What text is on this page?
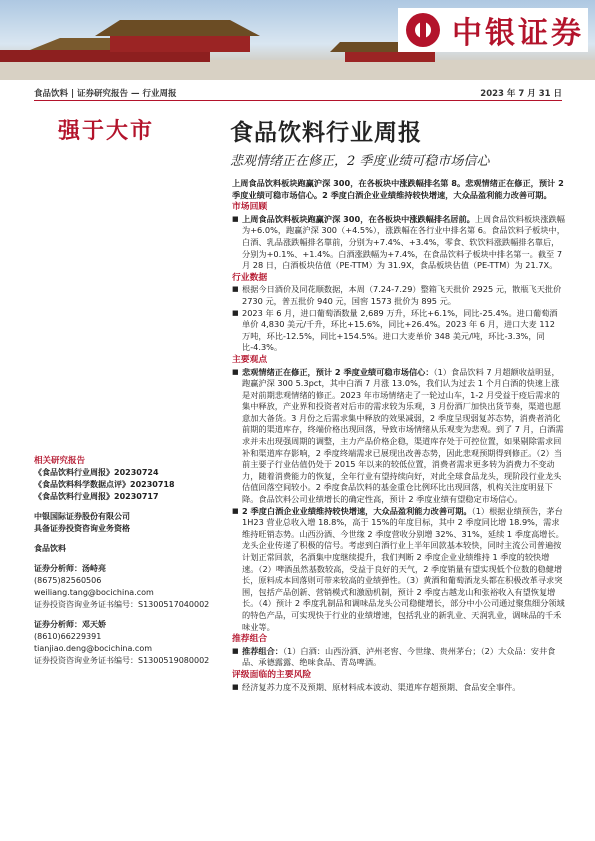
中银证券
食品饮料 | 证券研究报告 — 行业周报	2023 年 7 月 31 日
强于大市	食品饮料行业周报
悲观情绪正在修正，2 季度业绩可稳市场信心

上周食品饮料板块跑赢沪深 300，在各板块中涨跌幅排名第 8。悲观情绪正在修正，预计 2 季度业绩可稳市场信心。2 季度白酒企业业绩维持较快增速，大众品盈利能力改善可期。

市场回顾

■ 上周食品饮料板块跑赢沪深 300，在各板块中涨跌幅排名居前。上周食品饮料板块涨跌幅为+6.0%，跑赢沪深 300（+4.5%），涨跌幅在各行业中排名第 6。食品饮料子板块中，白酒、乳品涨跌幅排名靠前，分别为+7.4%、+3.4%，零食、软饮料涨跌幅排名靠后，分别为+0.1%、+1.4%。白酒涨跌幅为+7.4%，在食品饮料子板块中排名第一。截至 7 月 28 日，白酒板块估值（PE-TTM）为 31.9X，食品板块估值（PE-TTM）为 21.7X。

行业数据

■ 根据今日酒价及同花顺数据，本周（7.24-7.29）整箱飞天批价 2925 元，散瓶飞天批价 2730 元，普五批价 940 元，国窖 1573 批价为 895 元。

■ 2023 年 6 月，进口葡萄酒数量 2,689 万升，环比+6.1%，同比-25.4%。进口葡萄酒单价 4,830 美元/千升，环比+15.6%，同比+26.4%。2023 年 6 月，进口大麦 112 万吨，环比-12.5%，同比+154.5%。进口大麦单价 348 美元/吨，环比-3.3%，同比-4.3%。

主要观点

■ 悲观情绪正在修正，预计 2 季度业绩可稳市场信心：（1）食品饮料 7 月超额收益明显，跑赢沪深 300 5.3pct，其中白酒 7 月涨 13.0%，我们认为过去 1 个月白酒的快速上涨是对前期悲观情绪的修正。2023 年市场情绪走了一轮过山车，1-2 月受益于疫后需求的集中释放，产业界和投资者对后市的需求较为乐观，3 月份酒厂加快出货节奏，渠道也愿意加大备货。3 月份之后需求集中释放的效果减弱，2 季度呈现弱复苏态势，消费者消化前期的渠道库存，终端价格出现回落，导致市场情绪从乐观变为悲观。到了 7 月，白酒需求并未出现强周期的调整，主力产品价格企稳，渠道库存处于可控位置，如果剔除需求回补和渠道库存影响，2 季度终端需求已展现出改善态势，因此悲观预期得到修正。（2）当前主要子行业估值仍处于 2015 年以来的较低位置，消费者需求更多转为消费力不变动力，随着消费能力的恢复，全年行业有望持续向好，对此全球食品龙头，现阶段行业龙头估值回落空间较小。2 季度食品饮料的基金重仓比例环比出现回落，机构关注度明显下降。食品饮料公司业绩增长的确定性高，预计 2 季度业绩有望稳定市场信心。

■ 2 季度白酒企业业绩维持较快增速，大众品盈利能力改善可期。（1）根据业绩预告，茅台 1H23 营业总收入增 18.8%，高于 15%的年度目标，其中 2 季度同比增 18.9%，需求维持旺销态势。山西汾酒、今世缘 2 季度营收分别增 32%、31%，延续 1 季度高增长。龙头企业传递了积极的信号。考虑到白酒行业上半年回款基本较快，同时主流公司普遍按计划正常回款，名酒集中度继续提升，我们判断 2 季度企业业绩维持 1 季度的较快增速。（2）啤酒虽然基数较高，受益于良好的天气，2 季度销量有望实现低个位数的稳健增长，原料成本回落则可带来较高的业绩弹性。（3）黄酒和葡萄酒龙头都在积极改革寻求突围，包括产品创新、营销模式和激励机制，预计 2 季度古越龙山和张裕收入有望恢复增长。（4）预计 2 季度乳制品和调味品龙头公司稳健增长，部分中小公司通过聚焦细分领域的特色产品，可实现快于行业的业绩增速，包括乳业的新乳业、天润乳业，调味品的千禾味业等。

推荐组合

■ 推荐组合：（1）白酒：山西汾酒、泸州老窖、今世缘、贵州茅台；（2）大众品：安井食品、承德露露、绝味食品、青岛啤酒。

评级面临的主要风险

■ 经济复苏力度不及预期、原材料成本波动、渠道库存超预期、食品安全事件。

相关研究报告
《食品饮料行业周报》20230724
《食品饮料科学数据点评》20230718
《食品饮料行业周报》20230717
中银国际证券股份有限公司
具备证券投资咨询业务资格
食品饮料
证券分析师：汤峙亮
(8675)82560506
weiliang.tang@bocichina.com
证券投资咨询业务证书编号：S1300517040002
证券分析师：邓天娇
(8610)66229391
tianjiao.deng@bocichina.com
证券投资咨询业务证书编号：S1300519080002
